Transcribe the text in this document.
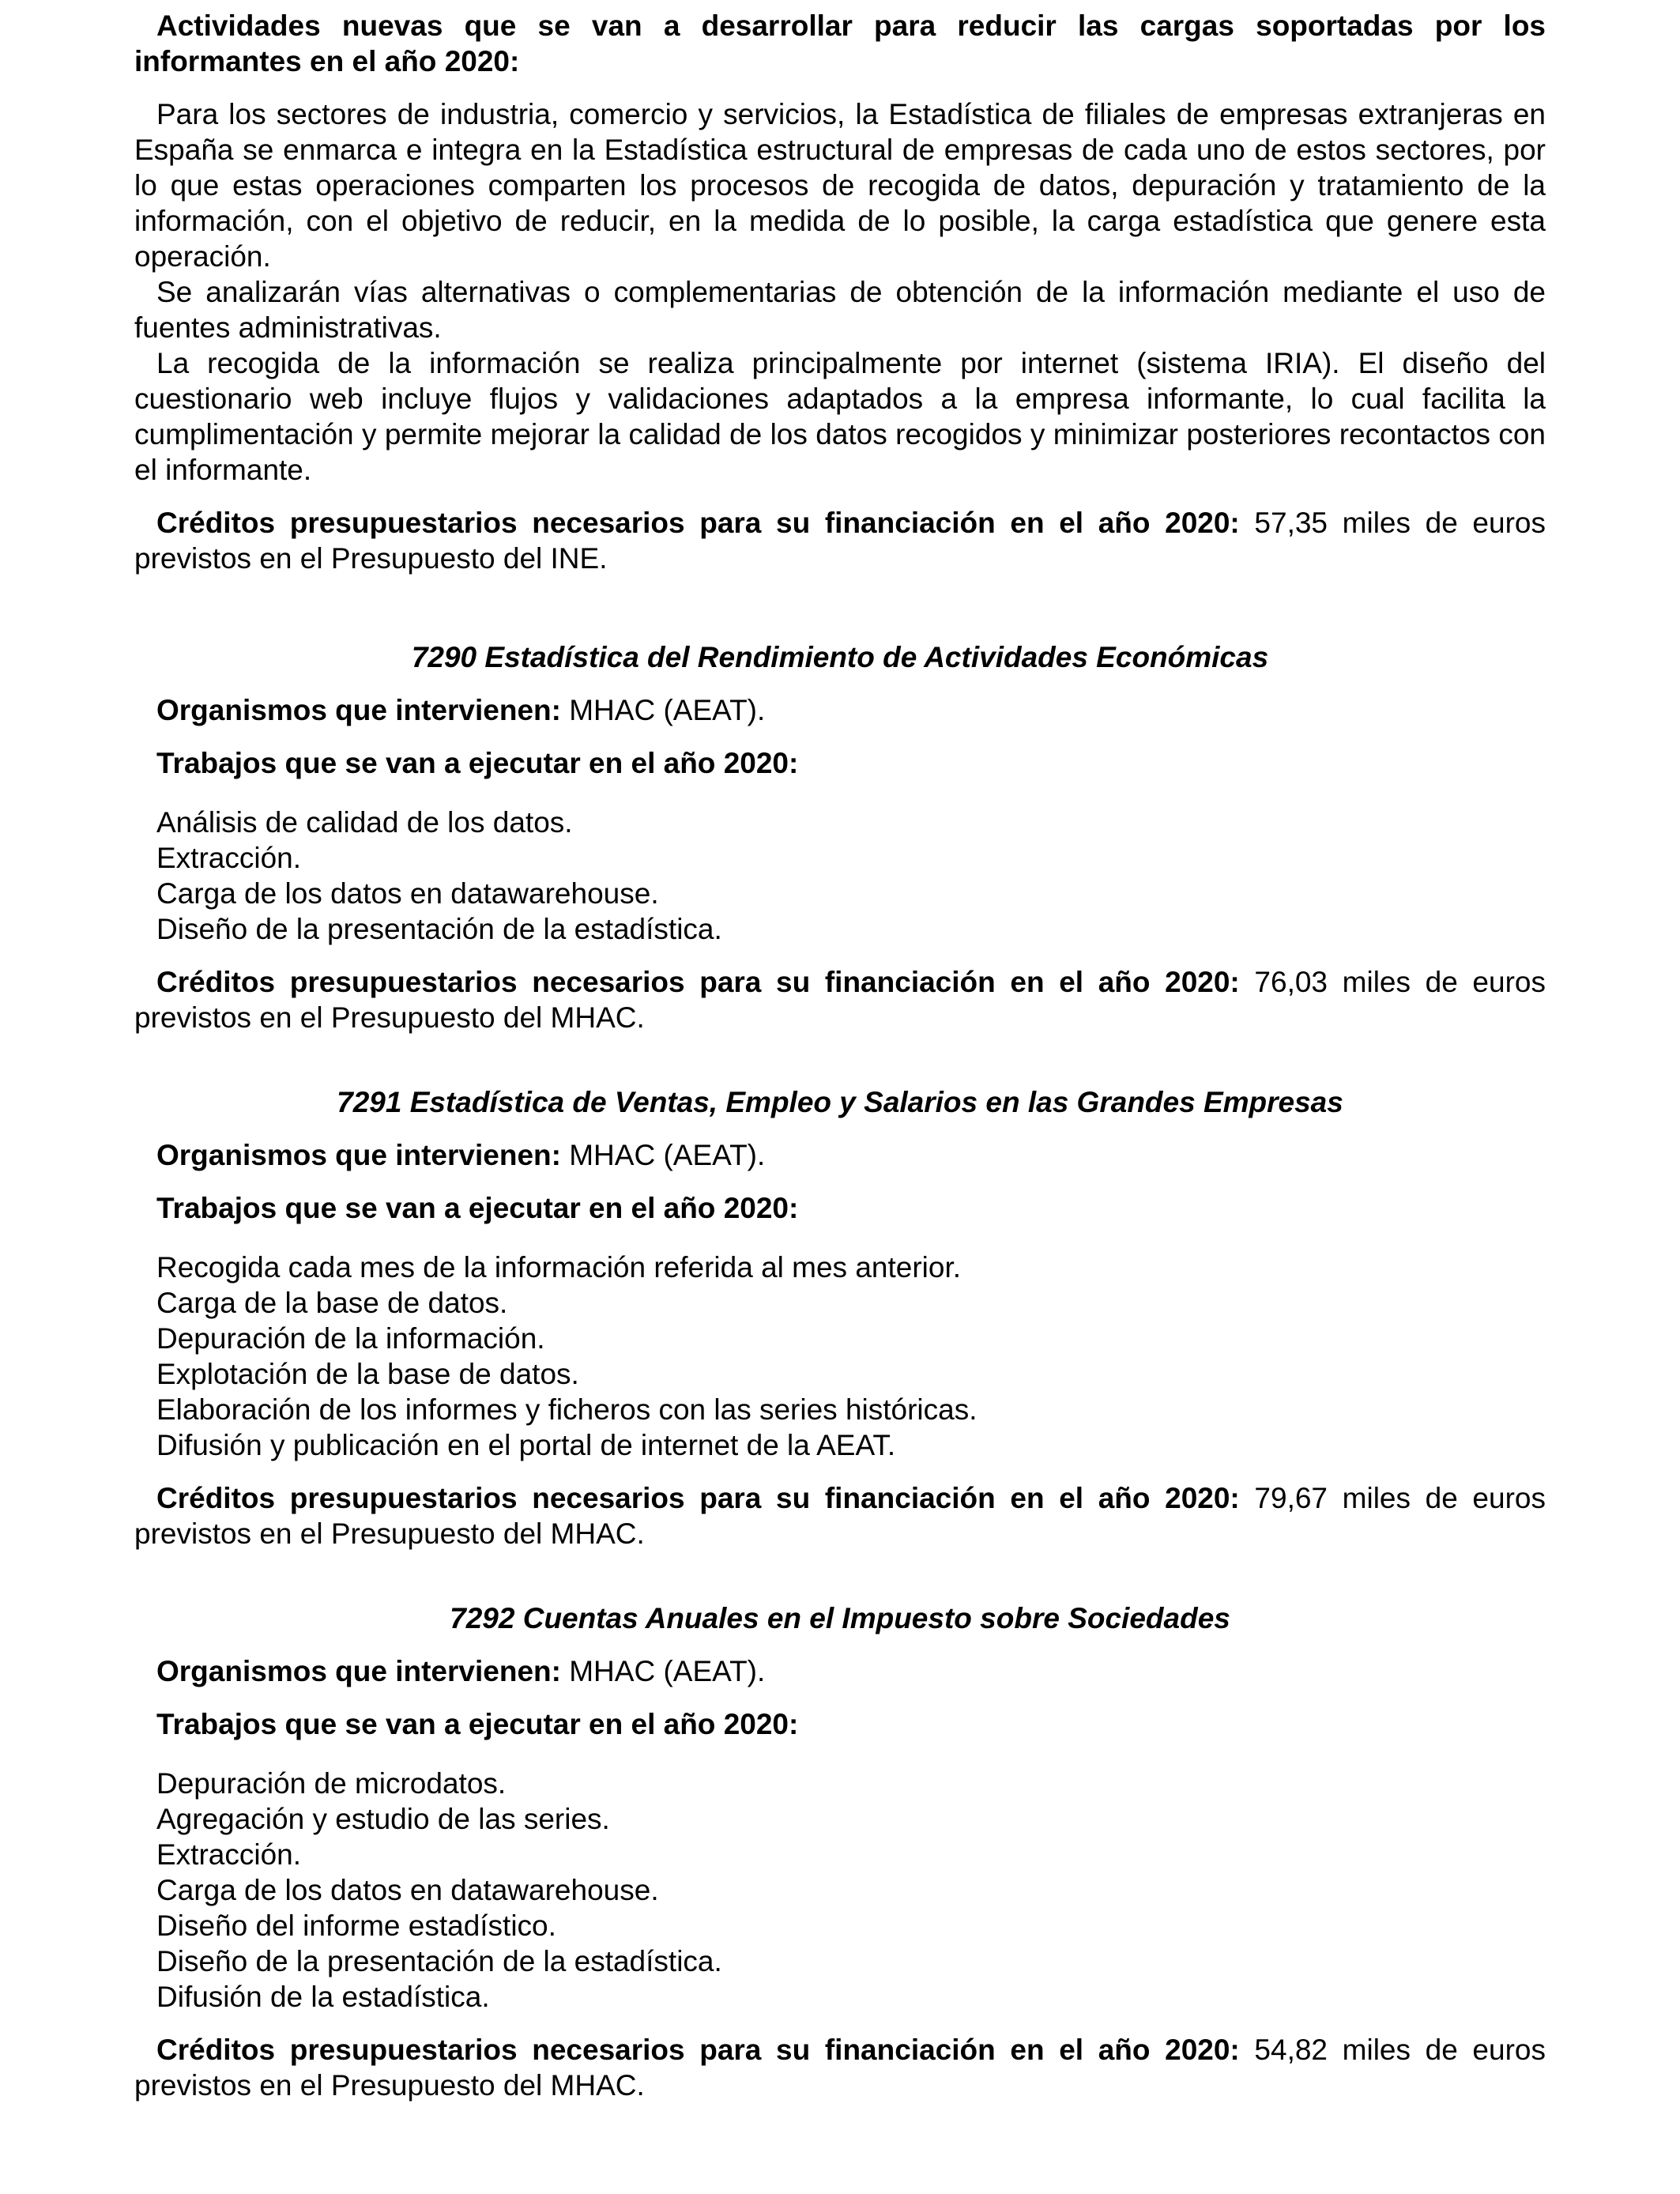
Actividades nuevas que se van a desarrollar para reducir las cargas soportadas por los informantes en el año 2020:

Para los sectores de industria, comercio y servicios, la Estadística de filiales de empresas extranjeras en España se enmarca e integra en la Estadística estructural de empresas de cada uno de estos sectores, por lo que estas operaciones comparten los procesos de recogida de datos, depuración y tratamiento de la información, con el objetivo de reducir, en la medida de lo posible, la carga estadística que genere esta operación.

Se analizarán vías alternativas o complementarias de obtención de la información mediante el uso de fuentes administrativas.

La recogida de la información se realiza principalmente por internet (sistema IRIA). El diseño del cuestionario web incluye flujos y validaciones adaptados a la empresa informante, lo cual facilita la cumplimentación y permite mejorar la calidad de los datos recogidos y minimizar posteriores recontactos con el informante.

Créditos presupuestarios necesarios para su financiación en el año 2020: 57,35 miles de euros previstos en el Presupuesto del INE.

7290 Estadística del Rendimiento de Actividades Económicas

Organismos que intervienen: MHAC (AEAT).

Trabajos que se van a ejecutar en el año 2020:

Análisis de calidad de los datos.
Extracción.
Carga de los datos en datawarehouse.
Diseño de la presentación de la estadística.

Créditos presupuestarios necesarios para su financiación en el año 2020: 76,03 miles de euros previstos en el Presupuesto del MHAC.

7291 Estadística de Ventas, Empleo y Salarios en las Grandes Empresas

Organismos que intervienen: MHAC (AEAT).

Trabajos que se van a ejecutar en el año 2020:

Recogida cada mes de la información referida al mes anterior.
Carga de la base de datos.
Depuración de la información.
Explotación de la base de datos.
Elaboración de los informes y ficheros con las series históricas.
Difusión y publicación en el portal de internet de la AEAT.

Créditos presupuestarios necesarios para su financiación en el año 2020: 79,67 miles de euros previstos en el Presupuesto del MHAC.

7292 Cuentas Anuales en el Impuesto sobre Sociedades

Organismos que intervienen: MHAC (AEAT).

Trabajos que se van a ejecutar en el año 2020:

Depuración de microdatos.
Agregación y estudio de las series.
Extracción.
Carga de los datos en datawarehouse.
Diseño del informe estadístico.
Diseño de la presentación de la estadística.
Difusión de la estadística.

Créditos presupuestarios necesarios para su financiación en el año 2020: 54,82 miles de euros previstos en el Presupuesto del MHAC.
